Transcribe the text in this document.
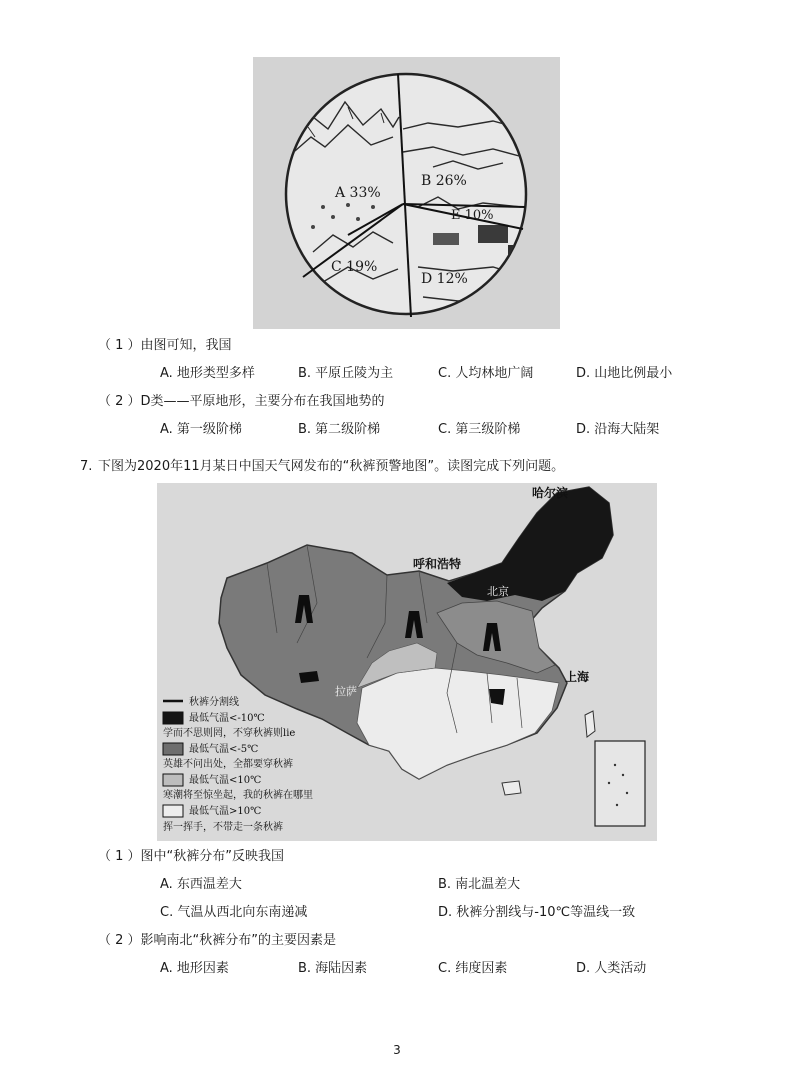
A 33%
B 26%
E 10%
C 19%
D 12%
（ 1 ）由图可知，我国
A. 地形类型多样	B. 平原丘陵为主	C. 人均林地广阔	D. 山地比例最小
（ 2 ）D类——平原地形，主要分布在我国地势的
A. 第一级阶梯	B. 第二级阶梯	C. 第三级阶梯	D. 沿海大陆架
7. 下图为2020年11月某日中国天气网发布的“秋裤预警地图”。读图完成下列问题。
哈尔滨
呼和浩特
北京
上海
拉萨
秋裤分割线
最低气温<-10℃
学而不思则罔，不穿秋裤则lie
最低气温<-5℃
英雄不问出处，全都要穿秋裤
最低气温<10℃
寒潮将至惊坐起，我的秋裤在哪里
最低气温>10℃
挥一挥手，不带走一条秋裤
（ 1 ）图中“秋裤分布”反映我国
A. 东西温差大	B. 南北温差大
C. 气温从西北向东南递减	D. 秋裤分割线与-10℃等温线一致
（ 2 ）影响南北“秋裤分布”的主要因素是
A. 地形因素	B. 海陆因素	C. 纬度因素	D. 人类活动
3
